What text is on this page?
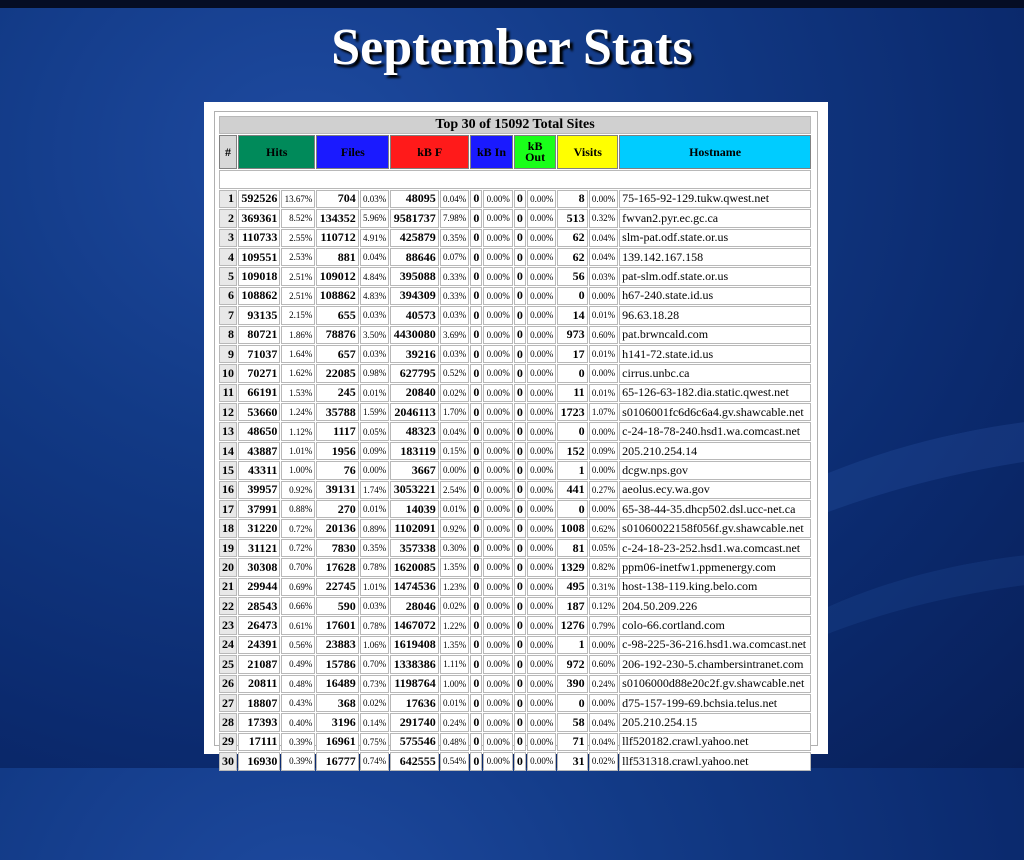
September Stats
Top 30 of 15092 Total Sites													
#	Hits		Files		kB F		kB In		kB
Out		Visits		Hostname

1	592526	13.67%	704	0.03%	48095	0.04%	0	0.00%	0	0.00%	8	0.00%	75-165-92-129.tukw.qwest.net
2	369361	8.52%	134352	5.96%	9581737	7.98%	0	0.00%	0	0.00%	513	0.32%	fwvan2.pyr.ec.gc.ca
3	110733	2.55%	110712	4.91%	425879	0.35%	0	0.00%	0	0.00%	62	0.04%	slm-pat.odf.state.or.us
4	109551	2.53%	881	0.04%	88646	0.07%	0	0.00%	0	0.00%	62	0.04%	139.142.167.158
5	109018	2.51%	109012	4.84%	395088	0.33%	0	0.00%	0	0.00%	56	0.03%	pat-slm.odf.state.or.us
6	108862	2.51%	108862	4.83%	394309	0.33%	0	0.00%	0	0.00%	0	0.00%	h67-240.state.id.us
7	93135	2.15%	655	0.03%	40573	0.03%	0	0.00%	0	0.00%	14	0.01%	96.63.18.28
8	80721	1.86%	78876	3.50%	4430080	3.69%	0	0.00%	0	0.00%	973	0.60%	pat.brwncald.com
9	71037	1.64%	657	0.03%	39216	0.03%	0	0.00%	0	0.00%	17	0.01%	h141-72.state.id.us
10	70271	1.62%	22085	0.98%	627795	0.52%	0	0.00%	0	0.00%	0	0.00%	cirrus.unbc.ca
11	66191	1.53%	245	0.01%	20840	0.02%	0	0.00%	0	0.00%	11	0.01%	65-126-63-182.dia.static.qwest.net
12	53660	1.24%	35788	1.59%	2046113	1.70%	0	0.00%	0	0.00%	1723	1.07%	s0106001fc6d6c6a4.gv.shawcable.net
13	48650	1.12%	1117	0.05%	48323	0.04%	0	0.00%	0	0.00%	0	0.00%	c-24-18-78-240.hsd1.wa.comcast.net
14	43887	1.01%	1956	0.09%	183119	0.15%	0	0.00%	0	0.00%	152	0.09%	205.210.254.14
15	43311	1.00%	76	0.00%	3667	0.00%	0	0.00%	0	0.00%	1	0.00%	dcgw.nps.gov
16	39957	0.92%	39131	1.74%	3053221	2.54%	0	0.00%	0	0.00%	441	0.27%	aeolus.ecy.wa.gov
17	37991	0.88%	270	0.01%	14039	0.01%	0	0.00%	0	0.00%	0	0.00%	65-38-44-35.dhcp502.dsl.ucc-net.ca
18	31220	0.72%	20136	0.89%	1102091	0.92%	0	0.00%	0	0.00%	1008	0.62%	s01060022158f056f.gv.shawcable.net
19	31121	0.72%	7830	0.35%	357338	0.30%	0	0.00%	0	0.00%	81	0.05%	c-24-18-23-252.hsd1.wa.comcast.net
20	30308	0.70%	17628	0.78%	1620085	1.35%	0	0.00%	0	0.00%	1329	0.82%	ppm06-inetfw1.ppmenergy.com
21	29944	0.69%	22745	1.01%	1474536	1.23%	0	0.00%	0	0.00%	495	0.31%	host-138-119.king.belo.com
22	28543	0.66%	590	0.03%	28046	0.02%	0	0.00%	0	0.00%	187	0.12%	204.50.209.226
23	26473	0.61%	17601	0.78%	1467072	1.22%	0	0.00%	0	0.00%	1276	0.79%	colo-66.cortland.com
24	24391	0.56%	23883	1.06%	1619408	1.35%	0	0.00%	0	0.00%	1	0.00%	c-98-225-36-216.hsd1.wa.comcast.net
25	21087	0.49%	15786	0.70%	1338386	1.11%	0	0.00%	0	0.00%	972	0.60%	206-192-230-5.chambersintranet.com
26	20811	0.48%	16489	0.73%	1198764	1.00%	0	0.00%	0	0.00%	390	0.24%	s0106000d88e20c2f.gv.shawcable.net
27	18807	0.43%	368	0.02%	17636	0.01%	0	0.00%	0	0.00%	0	0.00%	d75-157-199-69.bchsia.telus.net
28	17393	0.40%	3196	0.14%	291740	0.24%	0	0.00%	0	0.00%	58	0.04%	205.210.254.15
29	17111	0.39%	16961	0.75%	575546	0.48%	0	0.00%	0	0.00%	71	0.04%	llf520182.crawl.yahoo.net
30	16930	0.39%	16777	0.74%	642555	0.54%	0	0.00%	0	0.00%	31	0.02%	llf531318.crawl.yahoo.net
